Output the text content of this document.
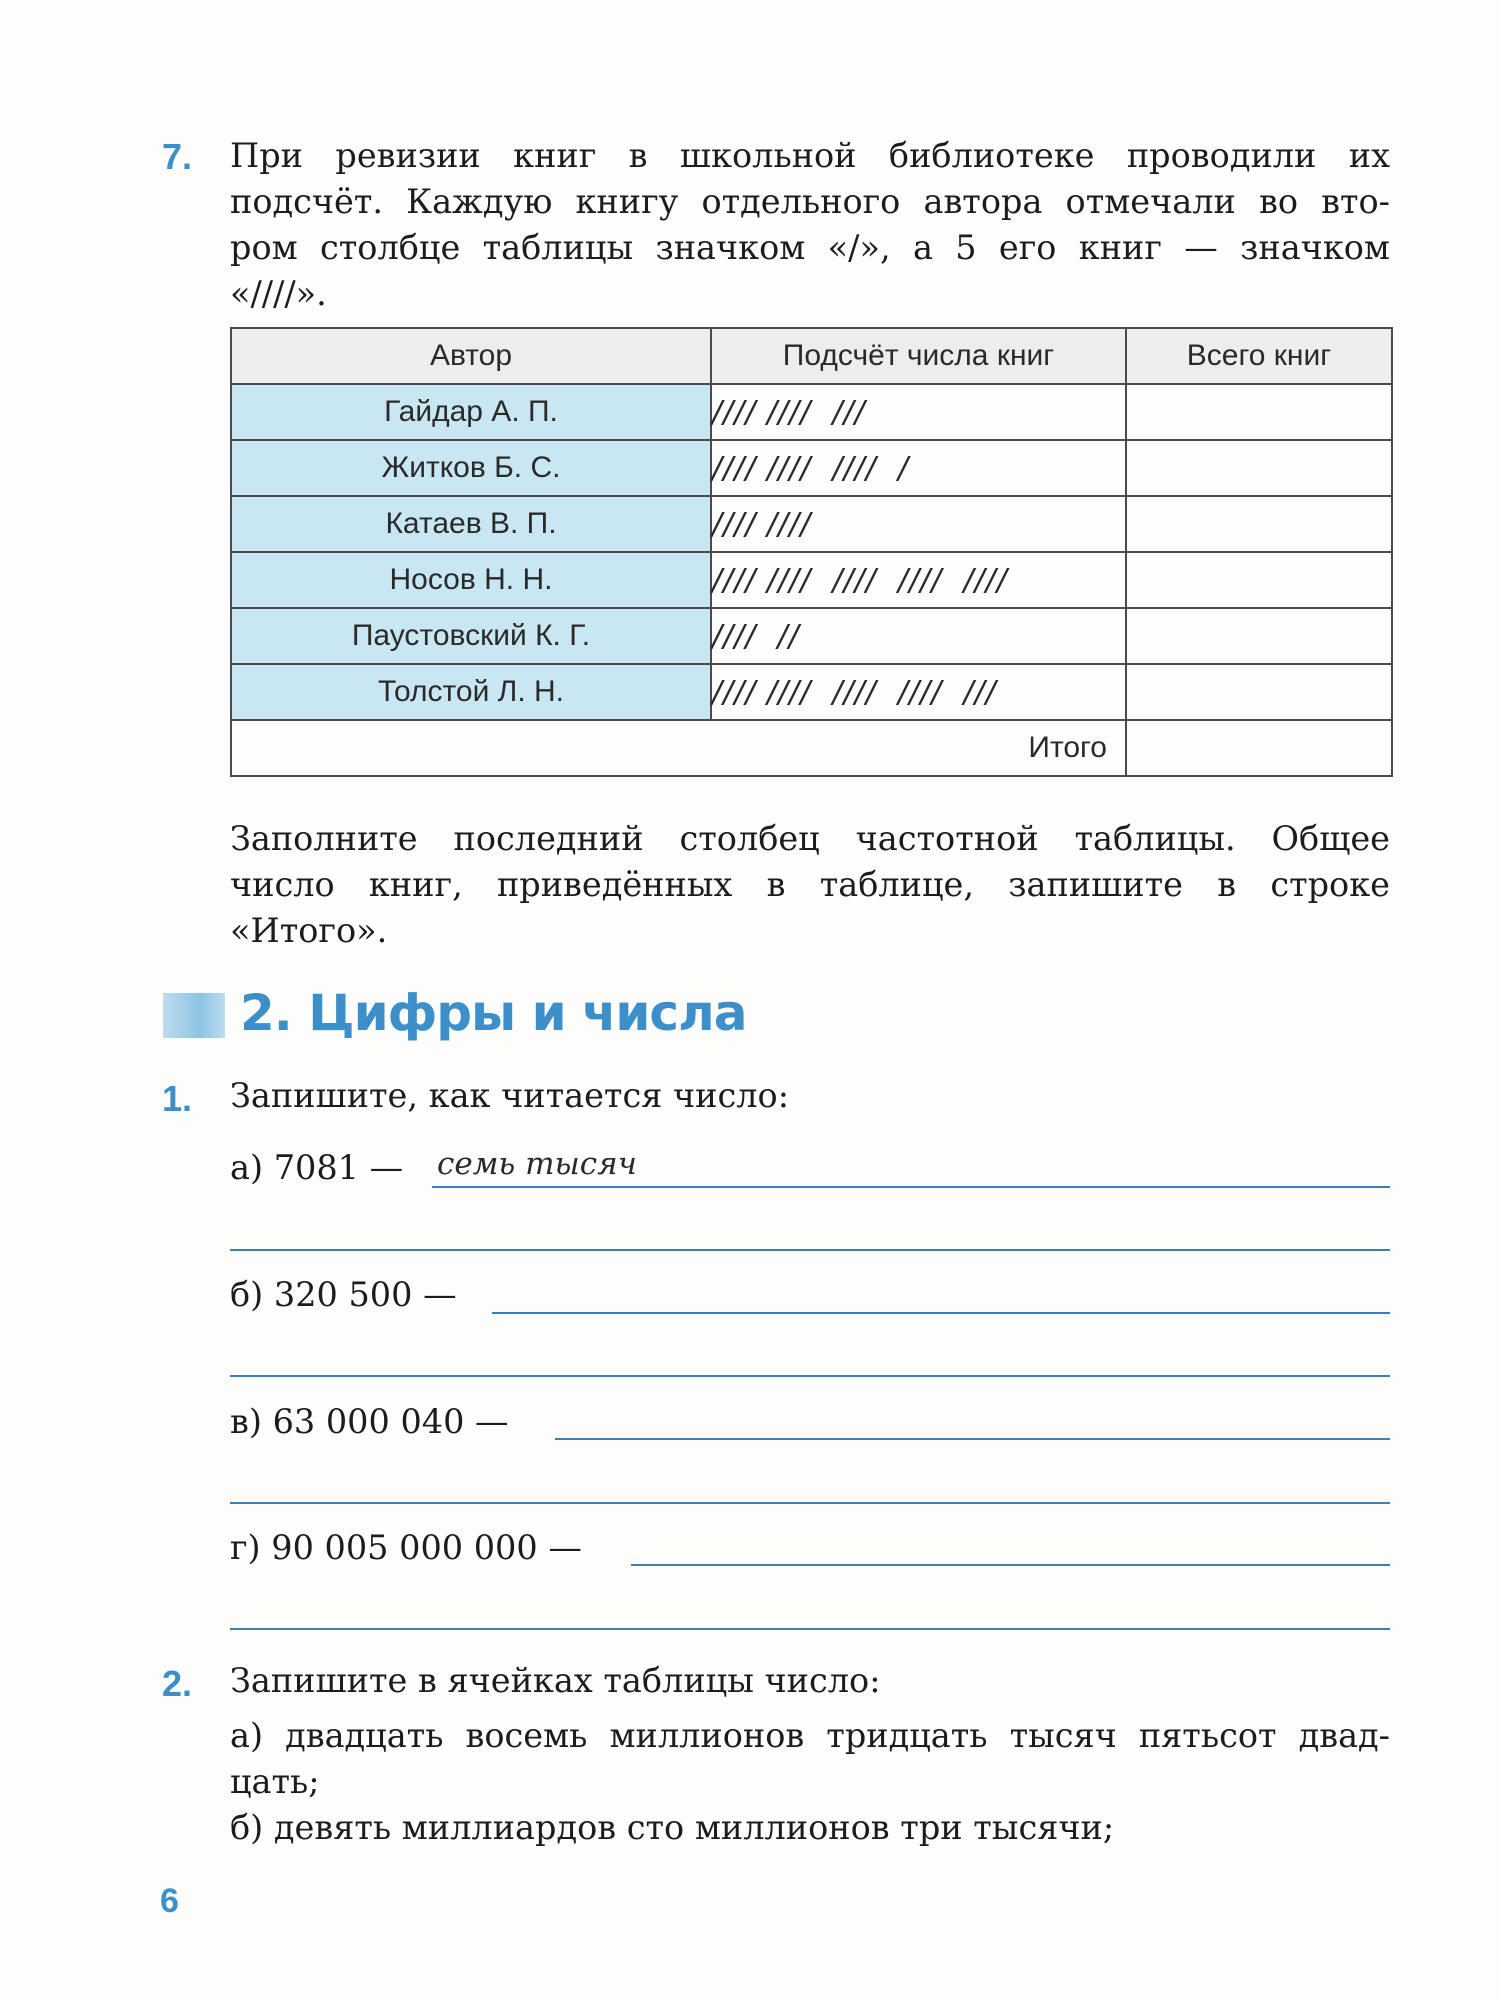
7. При ревизии книг в школьной библиотеке проводили их
подсчёт. Каждую книгу отдельного автора отмечали во вто-
ром столбце таблицы значком «/», а 5 его книг — значком
«////».
Автор	Подсчёт числа книг	Всего книг
Гайдар А. П.	//// ////  ///	
Житков Б. С.	//// ////  ////  /	
Катаев В. П.	//// ////	
Носов Н. Н.	//// ////  ////  ////  ////	
Паустовский К. Г.	////  //	
Толстой Л. Н.	//// ////  ////  ////  ///	
Итого		
Заполните последний столбец частотной таблицы. Общее
число книг, приведённых в таблице, запишите в строке
«Итого».
2. Цифры и числа
1. Запишите, как читается число:
а) 7081 — семь тысяч
б) 320 500 —
в) 63 000 040 —
г) 90 005 000 000 —
2. Запишите в ячейках таблицы число:
а) двадцать восемь миллионов тридцать тысяч пятьсот двад-
цать;
б) девять миллиардов сто миллионов три тысячи;
6
